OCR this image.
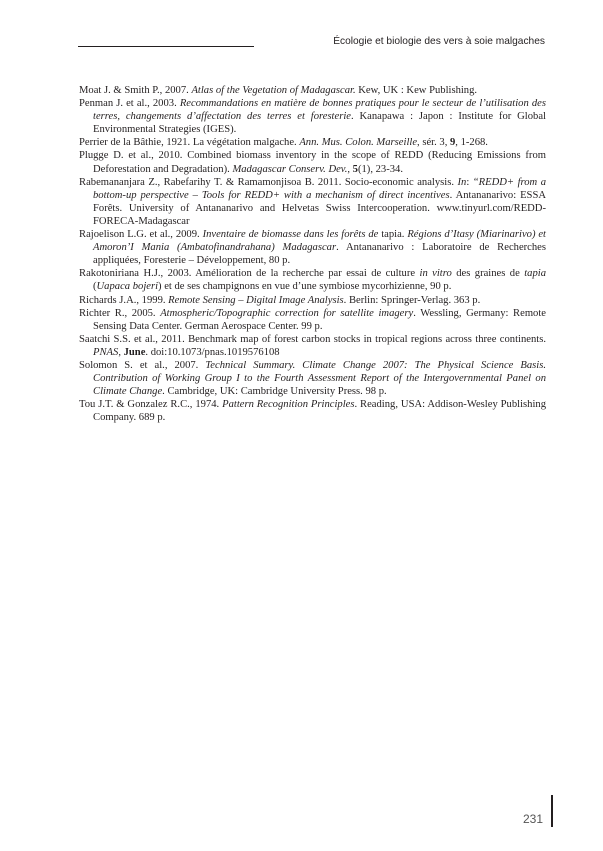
Écologie et biologie des vers à soie malgaches

Moat J. & Smith P., 2007. Atlas of the Vegetation of Madagascar. Kew, UK : Kew Publishing.

Penman J. et al., 2003. Recommandations en matière de bonnes pratiques pour le secteur de l’utilisation des terres, changements d’affectation des terres et foresterie. Kanapawa : Japon : Institute for Global Environmental Strategies (IGES).

Perrier de la Bâthie, 1921. La végétation malgache. Ann. Mus. Colon. Marseille, sér. 3, 9, 1-268.

Plugge D. et al., 2010. Combined biomass inventory in the scope of REDD (Reducing Emissions from Deforestation and Degradation). Madagascar Conserv. Dev., 5(1), 23-34.

Rabemananjara Z., Rabefarihy T. & Ramamonjisoa B. 2011. Socio-economic analysis. In: “REDD+ from a bottom-up perspective – Tools for REDD+ with a mechanism of direct incentives. Antananarivo: ESSA Forêts. University of Antananarivo and Helvetas Swiss Intercooperation. www.tinyurl.com/REDD-FORECA-Madagascar

Rajoelison L.G. et al., 2009. Inventaire de biomasse dans les forêts de tapia. Régions d’Itasy (Miarinarivo) et Amoron’I Mania (Ambatofinandrahana) Madagascar. Antananarivo : Laboratoire de Recherches appliquées, Foresterie – Développement, 80 p.

Rakotoniriana H.J., 2003. Amélioration de la recherche par essai de culture in vitro des graines de tapia (Uapaca bojeri) et de ses champignons en vue d’une symbiose mycorhizienne, 90 p.

Richards J.A., 1999. Remote Sensing – Digital Image Analysis. Berlin: Springer-Verlag. 363 p.

Richter R., 2005. Atmospheric/Topographic correction for satellite imagery. Wessling, Germany: Remote Sensing Data Center. German Aerospace Center. 99 p.

Saatchi S.S. et al., 2011. Benchmark map of forest carbon stocks in tropical regions across three continents. PNAS, June. doi:10.1073/pnas.1019576108

Solomon S. et al., 2007. Technical Summary. Climate Change 2007: The Physical Science Basis. Contribution of Working Group I to the Fourth Assessment Report of the Intergovernmental Panel on Climate Change. Cambridge, UK: Cambridge University Press. 98 p.

Tou J.T. & Gonzalez R.C., 1974. Pattern Recognition Principles. Reading, USA: Addison-Wesley Publishing Company. 689 p.

231
